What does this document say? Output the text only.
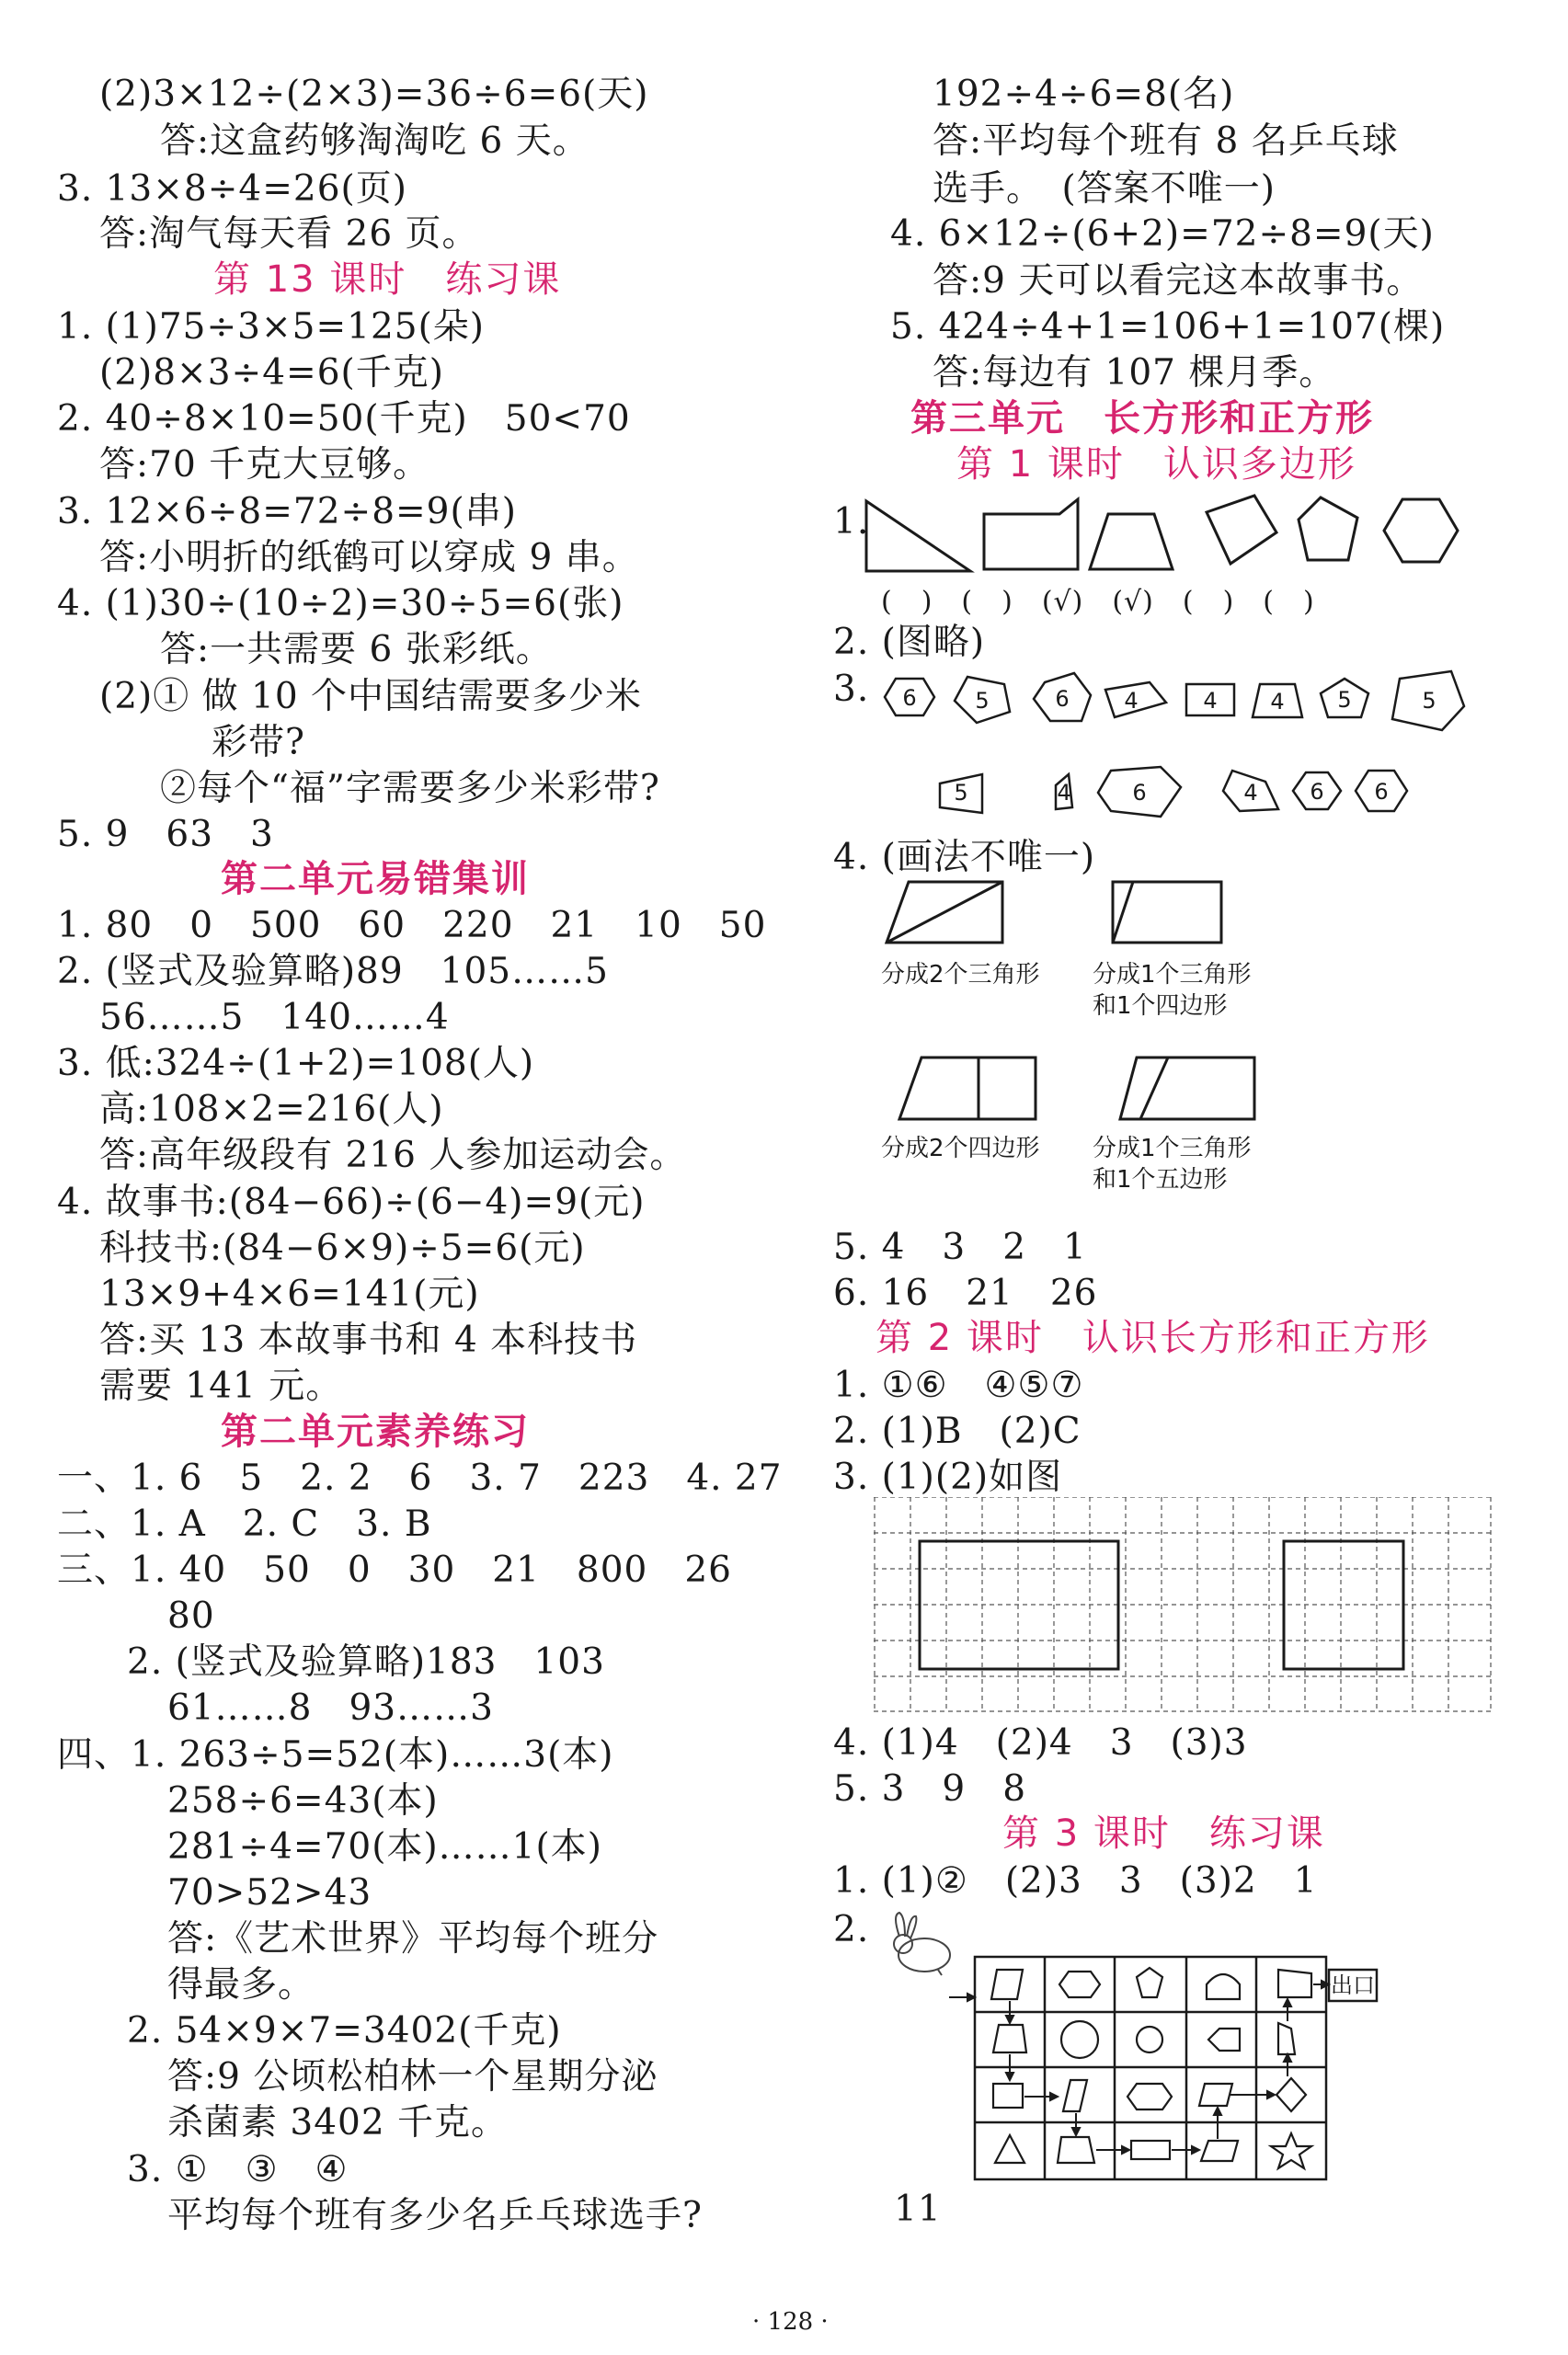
(2)3×12÷(2×3)=36÷6=6(天)
答:这盒药够淘淘吃 6 天。
3. 13×8÷4=26(页)
答:淘气每天看 26 页。
第 13 课时　练习课
1. (1)75÷3×5=125(朵)
(2)8×3÷4=6(千克)
2. 40÷8×10=50(千克)　50<70
答:70 千克大豆够。
3. 12×6÷8=72÷8=9(串)
答:小明折的纸鹤可以穿成 9 串。
4. (1)30÷(10÷2)=30÷5=6(张)
答:一共需要 6 张彩纸。
(2)① 做 10 个中国结需要多少米
彩带?
②每个“福”字需要多少米彩带?
5. 9　63　3
第二单元易错集训
1. 80　0　500　60　220　21　10　50
2. (竖式及验算略)89　105……5
56……5　140……4
3. 低:324÷(1+2)=108(人)
高:108×2=216(人)
答:高年级段有 216 人参加运动会。
4. 故事书:(84−66)÷(6−4)=9(元)
科技书:(84−6×9)÷5=6(元)
13×9+4×6=141(元)
答:买 13 本故事书和 4 本科技书
需要 141 元。
第二单元素养练习
一、1. 6　5　2. 2　6　3. 7　223　4. 27
二、1. A　2. C　3. B
三、1. 40　50　0　30　21　800　26
80
2. (竖式及验算略)183　103
61……8　93……3
四、1. 263÷5=52(本)……3(本)
258÷6=43(本)
281÷4=70(本)……1(本)
70>52>43
答:《艺术世界》平均每个班分
得最多。
2. 54×9×7=3402(千克)
答:9 公顷松柏林一个星期分泌
杀菌素 3402 千克。
3. ①　③　④
平均每个班有多少名乒乓球选手?
192÷4÷6=8(名)
答:平均每个班有 8 名乒乓球
选手。　(答案不唯一)
4. 6×12÷(6+2)=72÷8=9(天)
答:9 天可以看完这本故事书。
5. 424÷4+1=106+1=107(棵)
答:每边有 107 棵月季。
第三单元　长方形和正方形
第 1 课时　认识多边形
1.
(　)　(　)　(√)　(√)　(　)　(　)
2. (图略)
3. 6	5	6 4	4 4 5	5
5	4	6	4 6 6
4. (画法不唯一)
分成2个三角形 分成1个三角形
和1个四边形
分成2个四边形 分成1个三角形
和1个五边形
5. 4　3　2　1
6. 16　21　26
第 2 课时　认识长方形和正方形
1. ①⑥　④⑤⑦
2. (1)B　(2)C
3. (1)(2)如图
4. (1)4　(2)4　3　(3)3
5. 3　9　8
第 3 课时　练习课
1. (1)②　(2)3　3　(3)2　1
2.
出口
11
· 128 ·
